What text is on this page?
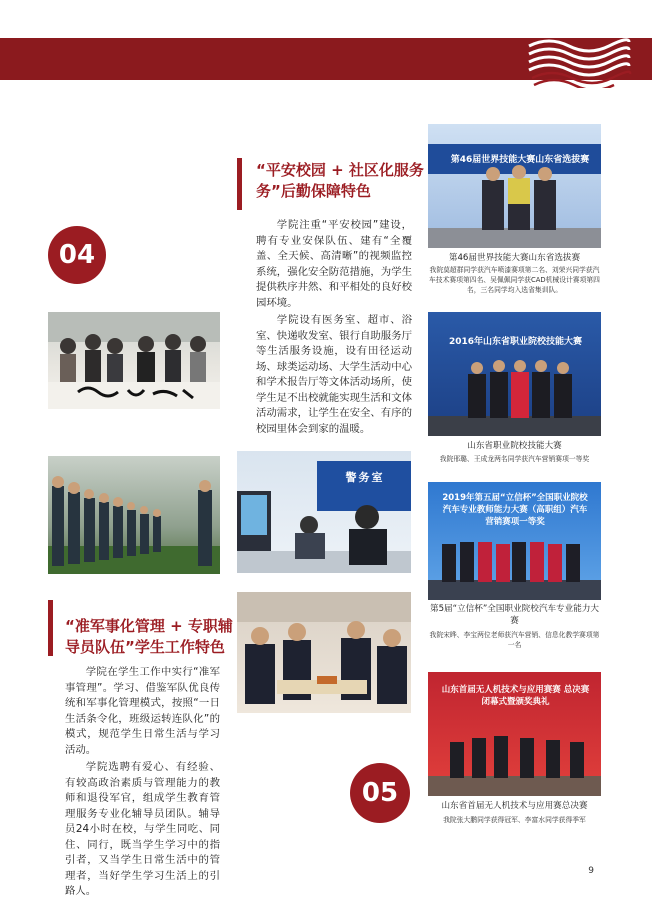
“平安校园 + 社区化服务
务”后勤保障特色

学院注重“平安校园”建设，聘有专业安保队伍、建有“全覆盖、全天候、高清晰”的视频监控系统，强化安全防范措施，为学生提供秩序井然、和平相处的良好校园环境。

学院设有医务室、超市、浴室、快递收发室、银行自助服务厅等生活服务设施，设有田径运动场、球类运动场、大学生活动中心和学术报告厅等文体活动场所，使学生足不出校就能实现生活和文体活动需求，让学生在安全、有序的校园里体会到家的温暖。

04
警务室
第46届世界技能大赛山东省选拔赛
第46届世界技能大赛山东省选拔赛
我院莫超群同学获汽车喷漆赛项第二名、刘荣兴同学获汽车技术赛项第四名、吴佩佩同学获CAD机械设计赛项第四名，三名同学均入选省集训队。
2016年山东省职业院校技能大赛
山东省职业院校技能大赛
我院邢璐、王成龙两名同学获汽车营销赛项一等奖
2019年第五届“立信杯”全国职业院校汽车专业教师能力大赛（高职组）汽车营销赛项一等奖
第5届“立信杯”全国职业院校汽车专业能力大赛
我院宋晔、李宝两位老师获汽车营销、信息化教学赛项第一名
山东首届无人机技术与应用赛赛 总决赛闭幕式暨颁奖典礼
山东省首届无人机技术与应用赛总决赛
我院张大鹏同学获得冠军、李富水同学获得季军
“准军事化管理 + 专职辅
导员队伍”学生工作特色

学院在学生工作中实行“准军事管理”。学习、借鉴军队优良传统和军事化管理模式，按照“一日生活条令化，班级运转连队化”的模式，规范学生日常生活与学习活动。

学院选聘有爱心、有经验、有较高政治素质与管理能力的教师和退役军官，组成学生教育管理服务专业化辅导员团队。辅导员24小时在校，与学生同吃、同住、同行，既当学生学习中的指引者，又当学生日常生活中的管理者，当好学生学习生活上的引路人。

05
9
